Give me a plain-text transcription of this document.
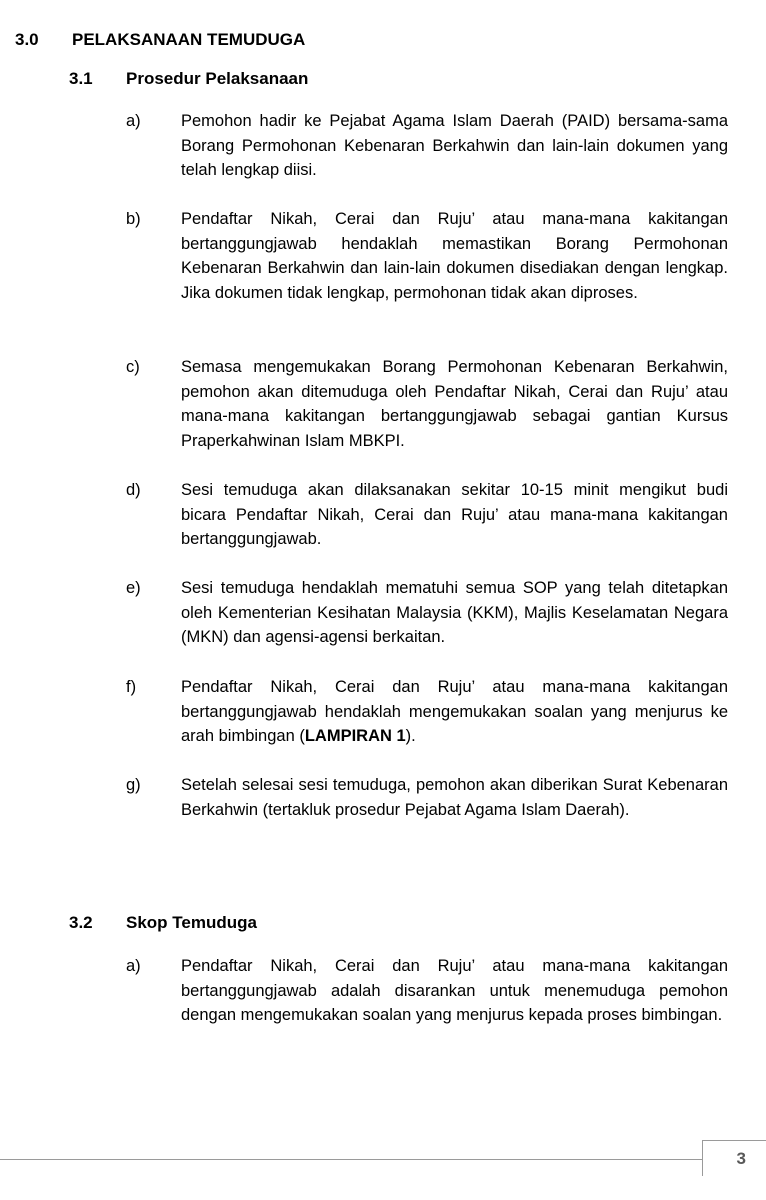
3.0 PELAKSANAAN TEMUDUGA
3.1 Prosedur Pelaksanaan
a) Pemohon hadir ke Pejabat Agama Islam Daerah (PAID) bersama-sama Borang Permohonan Kebenaran Berkahwin dan lain-lain dokumen yang telah lengkap diisi.
b) Pendaftar Nikah, Cerai dan Ruju’ atau mana-mana kakitangan bertanggungjawab hendaklah memastikan Borang Permohonan Kebenaran Berkahwin dan lain-lain dokumen disediakan dengan lengkap. Jika dokumen tidak lengkap, permohonan tidak akan diproses.
c)	Semasa mengemukakan Borang Permohonan Kebenaran Berkahwin, pemohon akan ditemuduga oleh Pendaftar Nikah, Cerai dan Ruju’ atau mana-mana kakitangan bertanggungjawab sebagai gantian Kursus Praperkahwinan Islam MBKPI.
d) Sesi temuduga akan dilaksanakan sekitar 10-15 minit mengikut budi bicara Pendaftar Nikah, Cerai dan Ruju’ atau mana-mana kakitangan bertanggungjawab.
e) Sesi temuduga hendaklah mematuhi semua SOP yang telah ditetapkan oleh Kementerian Kesihatan Malaysia (KKM), Majlis Keselamatan Negara (MKN) dan agensi-agensi berkaitan.
f)	Pendaftar Nikah, Cerai dan Ruju’ atau mana-mana kakitangan bertanggungjawab hendaklah mengemukakan soalan yang menjurus ke arah bimbingan (LAMPIRAN 1).
g) Setelah selesai sesi temuduga, pemohon akan diberikan Surat Kebenaran Berkahwin (tertakluk prosedur Pejabat Agama Islam Daerah).
3.2 Skop Temuduga
a) Pendaftar Nikah, Cerai dan Ruju’ atau mana-mana kakitangan bertanggungjawab adalah disarankan untuk menemuduga pemohon dengan mengemukakan soalan yang menjurus kepada proses bimbingan.
3
